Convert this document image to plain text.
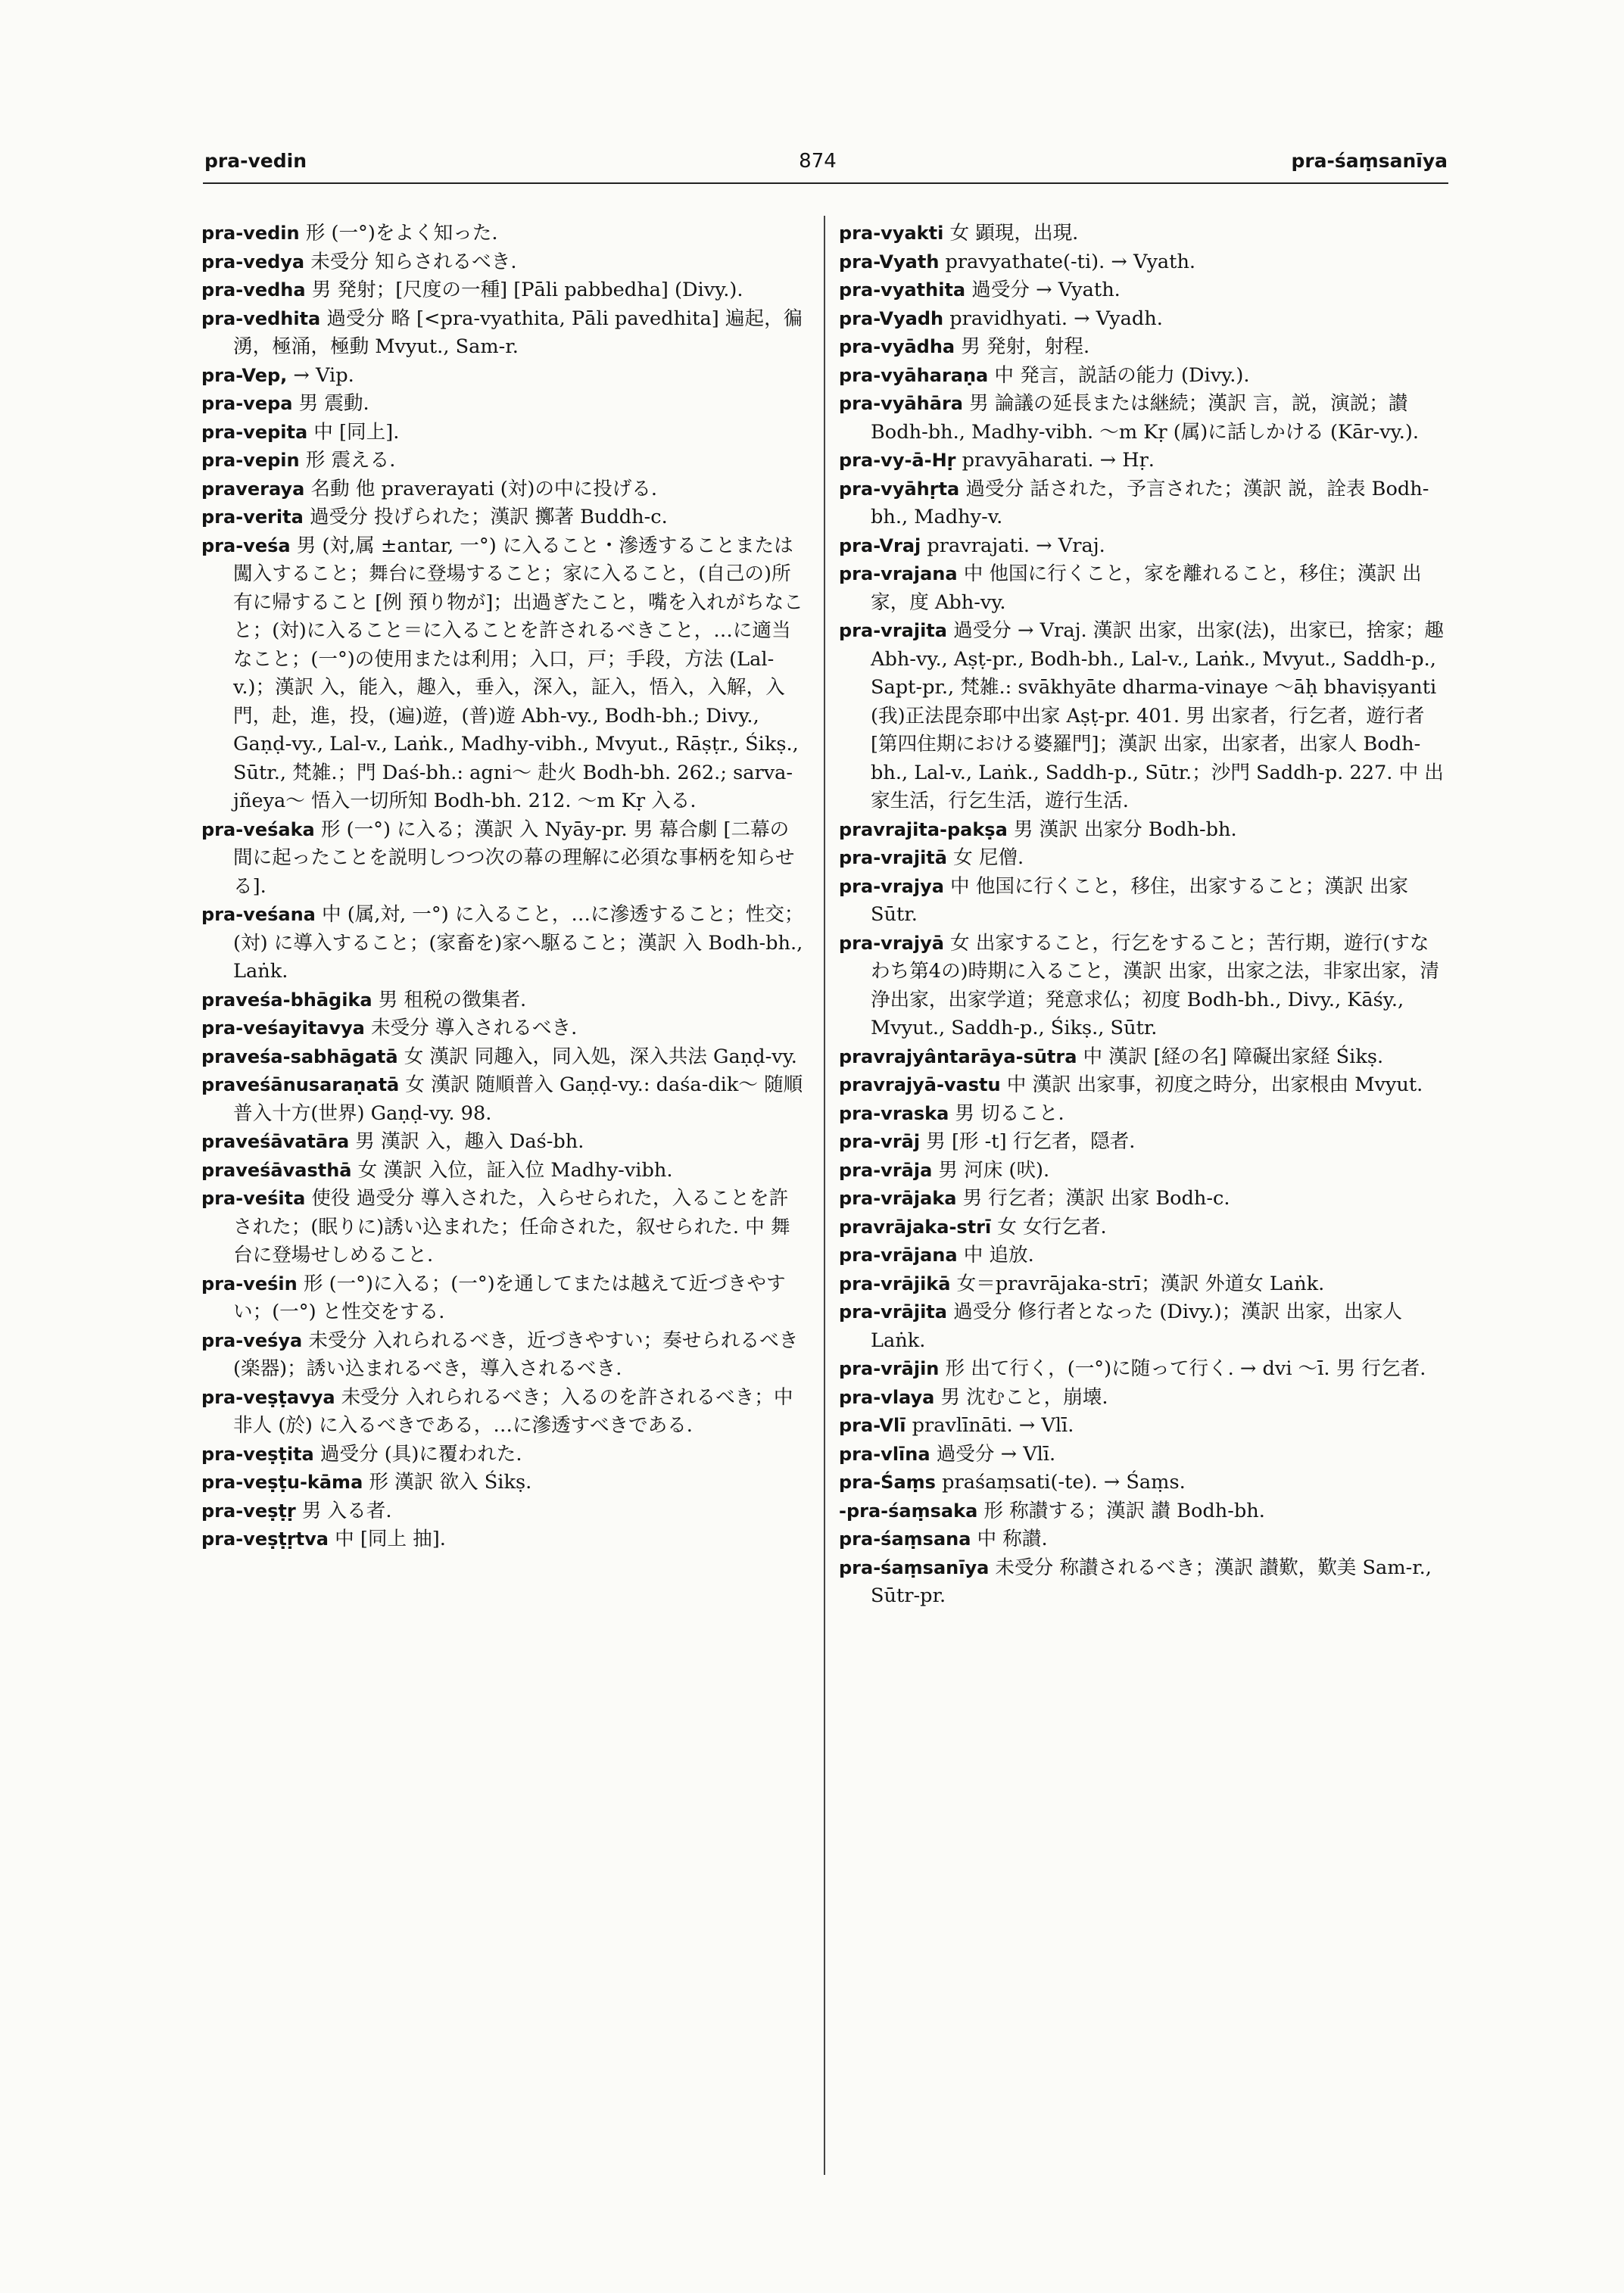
pra-vedin	874	pra-śaṃsanīya

pra-vedin 形 (一°)をよく知った.

pra-vedya 未受分 知らされるべき.

pra-vedha 男 発射；[尺度の一種] [Pāli pabbedha] (Divy.).

pra-vedhita 過受分 略 [<pra-vyathita, Pāli pavedhita] 遍起，徧湧，極涌，極動 Mvyut., Sam-r.

pra-Vep, → Vip.

pra-vepa 男 震動.

pra-vepita 中 [同上].

pra-vepin 形 震える.

praveraya 名動 他 praverayati (対)の中に投げる.

pra-verita 過受分 投げられた；漢訳 擲著 Buddh-c.

pra-veśa 男 (対,属 ±antar, 一°) に入ること・滲透することまたは闖入すること；舞台に登場すること；家に入ること，(自己の)所有に帰すること [例 預り物が]；出過ぎたこと，嘴を入れがちなこと；(対)に入ること＝に入ることを許されるべきこと，…に適当なこと；(一°)の使用または利用；入口，戸；手段，方法 (Lal-v.)；漢訳 入，能入，趣入，垂入，深入，証入，悟入，入解，入門，赴，進，投，(遍)遊，(普)遊 Abh-vy., Bodh-bh.; Divy., Gaṇḍ-vy., Lal-v., Laṅk., Madhy-vibh., Mvyut., Rāṣṭr., Śikṣ., Sūtr., 梵雑.；門 Daś-bh.: agni～ 赴火 Bodh-bh. 262.; sarva-jñeya～ 悟入一切所知 Bodh-bh. 212. ～m Kṛ 入る.

pra-veśaka 形 (一°) に入る；漢訳 入 Nyāy-pr. 男 幕合劇 [二幕の間に起ったことを説明しつつ次の幕の理解に必須な事柄を知らせる].

pra-veśana 中 (属,対, 一°) に入ること，…に滲透すること；性交；(対) に導入すること；(家畜を)家へ駆ること；漢訳 入 Bodh-bh., Laṅk.

praveśa-bhāgika 男 租税の徴集者.

pra-veśayitavya 未受分 導入されるべき.

praveśa-sabhāgatā 女 漢訳 同趣入，同入処，深入共法 Gaṇḍ-vy.

praveśānusaraṇatā 女 漢訳 随順普入 Gaṇḍ-vy.: daśa-dik～ 随順普入十方(世界) Gaṇḍ-vy. 98.

praveśāvatāra 男 漢訳 入，趣入 Daś-bh.

praveśāvasthā 女 漢訳 入位，証入位 Madhy-vibh.

pra-veśita 使役 過受分 導入された，入らせられた，入ることを許された；(眠りに)誘い込まれた；任命された，叙せられた. 中 舞台に登場せしめること.

pra-veśin 形 (一°)に入る；(一°)を通してまたは越えて近づきやすい；(一°) と性交をする.

pra-veśya 未受分 入れられるべき，近づきやすい；奏せられるべき(楽器)；誘い込まれるべき，導入されるべき.

pra-veṣṭavya 未受分 入れられるべき；入るのを許されるべき；中 非人 (於) に入るべきである，…に滲透すべきである.

pra-veṣṭita 過受分 (具)に覆われた.

pra-veṣṭu-kāma 形 漢訳 欲入 Śikṣ.

pra-veṣṭṛ 男 入る者.

pra-veṣṭṛtva 中 [同上 抽].

pra-vyakti 女 顕現，出現.

pra-Vyath pravyathate(-ti). → Vyath.

pra-vyathita 過受分 → Vyath.

pra-Vyadh pravidhyati. → Vyadh.

pra-vyādha 男 発射，射程.

pra-vyāharaṇa 中 発言，説話の能力 (Divy.).

pra-vyāhāra 男 論議の延長または継続；漢訳 言，説，演説；讃 Bodh-bh., Madhy-vibh. ～m Kṛ (属)に話しかける (Kār-vy.).

pra-vy-ā-Hṛ pravyāharati. → Hṛ.

pra-vyāhṛta 過受分 話された，予言された；漢訳 説，詮表 Bodh-bh., Madhy-v.

pra-Vraj pravrajati. → Vraj.

pra-vrajana 中 他国に行くこと，家を離れること，移住；漢訳 出家，度 Abh-vy.

pra-vrajita 過受分 → Vraj. 漢訳 出家，出家(法)，出家已，捨家；趣 Abh-vy., Aṣṭ-pr., Bodh-bh., Lal-v., Laṅk., Mvyut., Saddh-p., Sapt-pr., 梵雑.: svākhyāte dharma-vinaye ～āḥ bhaviṣyanti (我)正法毘奈耶中出家 Aṣṭ-pr. 401. 男 出家者，行乞者，遊行者 [第四住期における婆羅門]；漢訳 出家，出家者，出家人 Bodh-bh., Lal-v., Laṅk., Saddh-p., Sūtr.；沙門 Saddh-p. 227. 中 出家生活，行乞生活，遊行生活.

pravrajita-pakṣa 男 漢訳 出家分 Bodh-bh.

pra-vrajitā 女 尼僧.

pra-vrajya 中 他国に行くこと，移住，出家すること；漢訳 出家 Sūtr.

pra-vrajyā 女 出家すること，行乞をすること；苦行期，遊行(すなわち第4の)時期に入ること，漢訳 出家，出家之法，非家出家，清浄出家，出家学道；発意求仏；初度 Bodh-bh., Divy., Kāśy., Mvyut., Saddh-p., Śikṣ., Sūtr.

pravrajyântarāya-sūtra 中 漢訳 [経の名] 障礙出家経 Śikṣ.

pravrajyā-vastu 中 漢訳 出家事，初度之時分，出家根由 Mvyut.

pra-vraska 男 切ること.

pra-vrāj 男 [形 -t] 行乞者，隠者.

pra-vrāja 男 河床 (吠).

pra-vrājaka 男 行乞者；漢訳 出家 Bodh-c.

pravrājaka-strī 女 女行乞者.

pra-vrājana 中 追放.

pra-vrājikā 女＝pravrājaka-strī；漢訳 外道女 Laṅk.

pra-vrājita 過受分 修行者となった (Divy.)；漢訳 出家，出家人 Laṅk.

pra-vrājin 形 出て行く，(一°)に随って行く. → dvi ～ī. 男 行乞者.

pra-vlaya 男 沈むこと，崩壊.

pra-Vlī pravlīnāti. → Vlī.

pra-vlīna 過受分 → Vlī.

pra-Śaṃs praśaṃsati(-te). → Śaṃs.

-pra-śaṃsaka 形 称讃する；漢訳 讃 Bodh-bh.

pra-śaṃsana 中 称讃.

pra-śaṃsanīya 未受分 称讃されるべき；漢訳 讃歎，歎美 Sam-r., Sūtr-pr.
